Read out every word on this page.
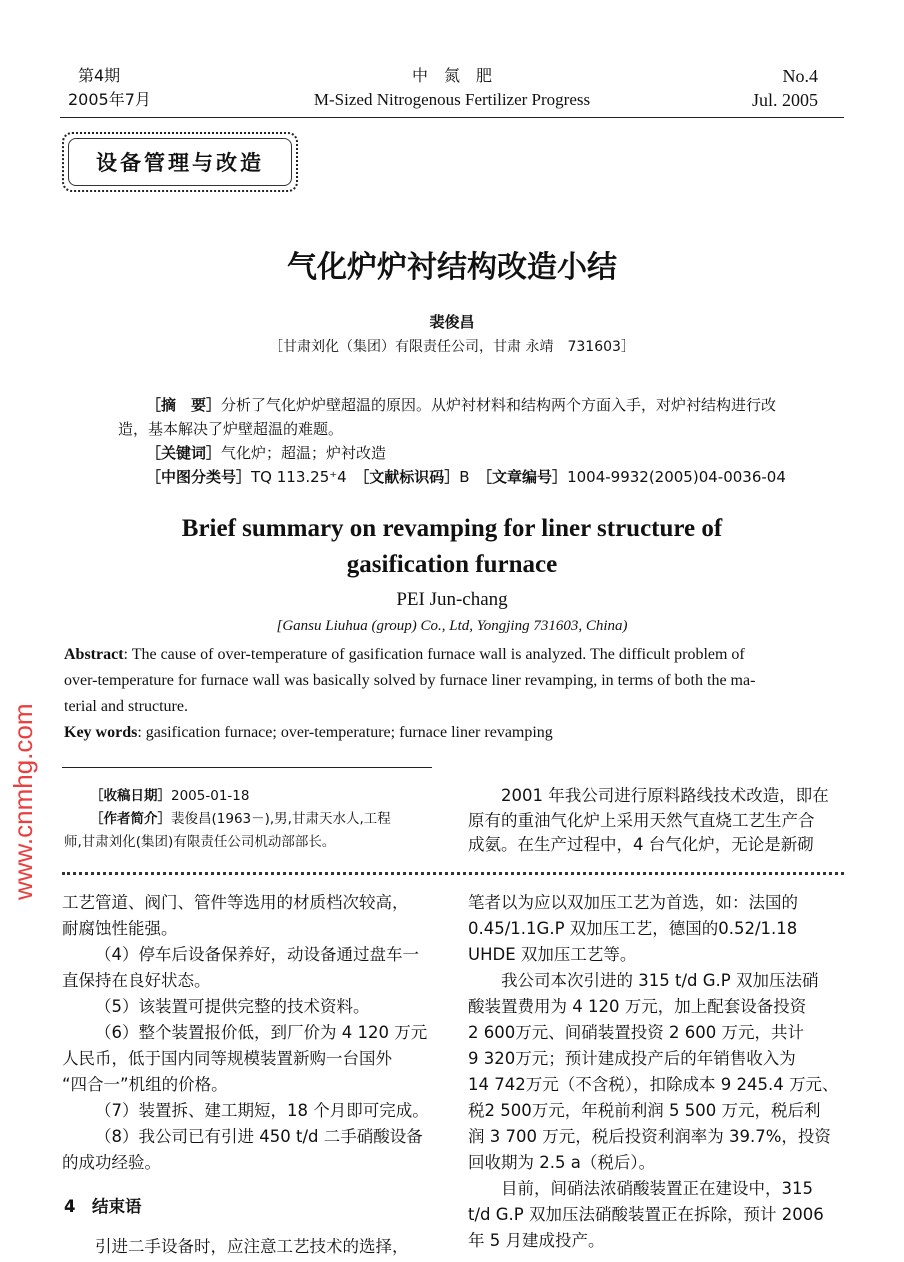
第4期
2005年7月
中　氮　肥
M-Sized Nitrogenous Fertilizer Progress
No.4
Jul. 2005
设备管理与改造
气化炉炉衬结构改造小结
裴俊昌
［甘肃刘化（集团）有限责任公司，甘肃 永靖　731603］
［摘　要］分析了气化炉炉壁超温的原因。从炉衬材料和结构两个方面入手，对炉衬结构进行改
造，基本解决了炉壁超温的难题。
［关键词］气化炉；超温；炉衬改造
［中图分类号］TQ 113.25⁺4　 ［文献标识码］B　 ［文章编号］1004-9932(2005)04-0036-04
Brief summary on revamping for liner structure of
gasification furnace
PEI Jun-chang
[Gansu Liuhua (group) Co., Ltd, Yongjing 731603, China)
Abstract: The cause of over-temperature of gasification furnace wall is analyzed. The difficult problem of
over-temperature for furnace wall was basically solved by furnace liner revamping, in terms of both the ma-
terial and structure.
Key words: gasification furnace; over-temperature; furnace liner revamping
［收稿日期］2005-01-18
［作者简介］裴俊昌(1963－),男,甘肃天水人,工程
师,甘肃刘化(集团)有限责任公司机动部部长。
2001 年我公司进行原料路线技术改造，即在
原有的重油气化炉上采用天然气直烧工艺生产合
成氨。在生产过程中，4 台气化炉，无论是新砌
工艺管道、阀门、管件等选用的材质档次较高，
耐腐蚀性能强。
（4）停车后设备保养好，动设备通过盘车一
直保持在良好状态。
（5）该装置可提供完整的技术资料。
（6）整个装置报价低，到厂价为 4 120 万元
人民币，低于国内同等规模装置新购一台国外
“四合一”机组的价格。
（7）装置拆、建工期短，18 个月即可完成。
（8）我公司已有引进 450 t/d 二手硝酸设备
的成功经验。
4　结束语
引进二手设备时，应注意工艺技术的选择，
笔者以为应以双加压工艺为首选，如：法国的
0.45/1.1G.P 双加压工艺，德国的0.52/1.18
UHDE 双加压工艺等。
我公司本次引进的 315 t/d G.P 双加压法硝
酸装置费用为 4 120 万元，加上配套设备投资
2 600万元、间硝装置投资 2 600 万元，共计
9 320万元；预计建成投产后的年销售收入为
14 742万元（不含税），扣除成本 9 245.4 万元、
税2 500万元，年税前利润 5 500 万元，税后利
润 3 700 万元，税后投资利润率为 39.7%，投资
回收期为 2.5 a（税后）。
目前，间硝法浓硝酸装置正在建设中，315
t/d G.P 双加压法硝酸装置正在拆除，预计 2006
年 5 月建成投产。
www.cnmhg.com
